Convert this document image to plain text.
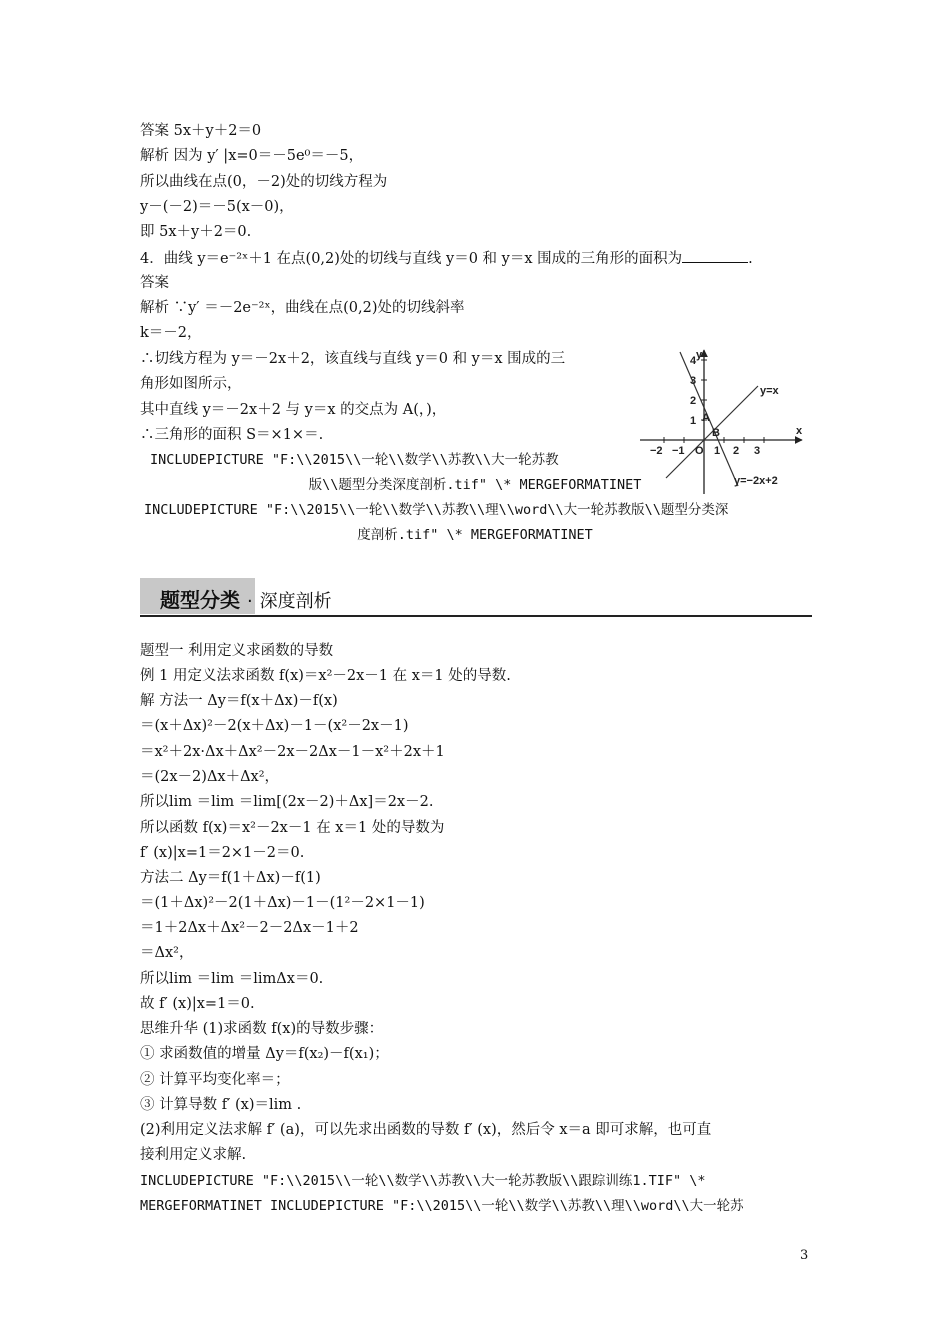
答案 5x＋y＋2＝0
解析 因为 y′ |x=0＝－5e⁰＝－5，
所以曲线在点(0，－2)处的切线方程为
y－(－2)＝－5(x－0)，
即 5x＋y＋2＝0.
4．曲线 y＝e⁻²ˣ＋1 在点(0,2)处的切线与直线 y＝0 和 y＝x 围成的三角形的面积为	.
答案
解析 ∵y′ ＝－2e⁻²ˣ，曲线在点(0,2)处的切线斜率
k＝－2，
∴切线方程为 y＝－2x＋2，该直线与直线 y＝0 和 y＝x 围成的三
角形如图所示，
其中直线 y＝－2x＋2 与 y＝x 的交点为 A(，)，
∴三角形的面积 S＝×1×＝.
INCLUDEPICTURE "F:\\2015\\一轮\\数学\\苏教\\大一轮苏教
版\\题型分类深度剖析.tif" \* MERGEFORMATINET
INCLUDEPICTURE "F:\\2015\\一轮\\数学\\苏教\\理\\word\\大一轮苏教版\\题型分类深
度剖析.tif" \* MERGEFORMATINET
y
x
O
−2 −1	1 2 3
1
2
3
4
y=x
y=−2x+2
A
B
题型分类 · 深度剖析
题型一 利用定义求函数的导数
例 1 用定义法求函数 f(x)＝x²－2x－1 在 x＝1 处的导数.
解 方法一 Δy＝f(x＋Δx)－f(x)
＝(x＋Δx)²－2(x＋Δx)－1－(x²－2x－1)
＝x²＋2x·Δx＋Δx²－2x－2Δx－1－x²＋2x＋1
＝(2x－2)Δx＋Δx²，
所以lim ＝lim ＝lim[(2x－2)＋Δx]＝2x－2.
所以函数 f(x)＝x²－2x－1 在 x＝1 处的导数为
f′ (x)|x=1＝2×1－2＝0.
方法二 Δy＝f(1＋Δx)－f(1)
＝(1＋Δx)²－2(1＋Δx)－1－(1²－2×1－1)
＝1＋2Δx＋Δx²－2－2Δx－1＋2
＝Δx²，
所以lim ＝lim ＝limΔx＝0.
故 f′ (x)|x=1＝0.
思维升华 (1)求函数 f(x)的导数步骤：
① 求函数值的增量 Δy＝f(x₂)－f(x₁)；
② 计算平均变化率＝；
③ 计算导数 f′ (x)＝lim .
(2)利用定义法求解 f′ (a)，可以先求出函数的导数 f′ (x)，然后令 x＝a 即可求解，也可直
接利用定义求解.
INCLUDEPICTURE "F:\\2015\\一轮\\数学\\苏教\\大一轮苏教版\\跟踪训练1.TIF" \*
MERGEFORMATINET INCLUDEPICTURE "F:\\2015\\一轮\\数学\\苏教\\理\\word\\大一轮苏
3
